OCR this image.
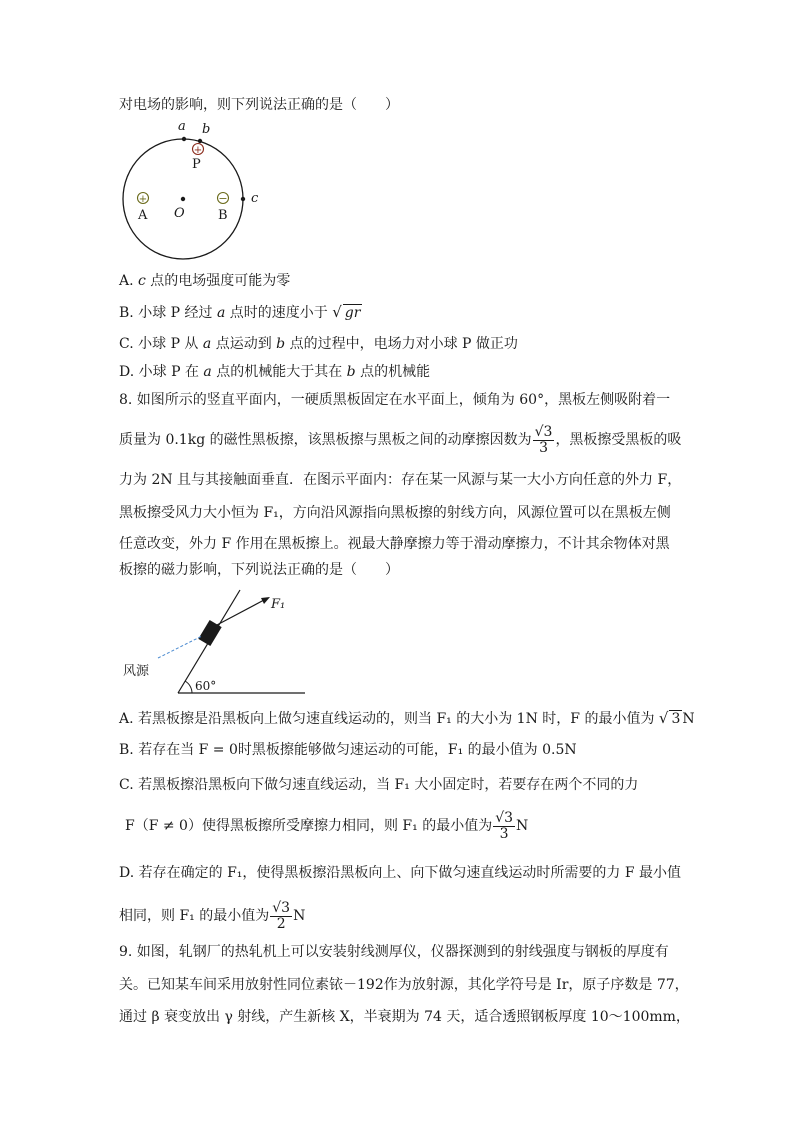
对电场的影响，则下列说法正确的是（　　）
a b
c
+
P
+
A O
−
B
A. c 点的电场强度可能为零
B. 小球 P 经过 a 点时的速度小于 √ gr
C. 小球 P 从 a 点运动到 b 点的过程中，电场力对小球 P 做正功
D. 小球 P 在 a 点的机械能大于其在 b 点的机械能
8. 如图所示的竖直平面内，一硬质黑板固定在水平面上，倾角为 60°，黑板左侧吸附着一
质量为 0.1kg 的磁性黑板擦，该黑板擦与黑板之间的动摩擦因数为 $\frac{√3}{3}$ ，黑板擦受黑板的吸
力为 2N 且与其接触面垂直．在图示平面内：存在某一风源与某一大小方向任意的外力 F，
黑板擦受风力大小恒为 F₁，方向沿风源指向黑板擦的射线方向，风源位置可以在黑板左侧
任意改变，外力 F 作用在黑板擦上。视最大静摩擦力等于滑动摩擦力，不计其余物体对黑
板擦的磁力影响，下列说法正确的是（　　）
60°
F₁
风源
A. 若黑板擦是沿黑板向上做匀速直线运动的，则当 F₁ 的大小为 1N 时，F 的最小值为 √ 3 N
B. 若存在当 F = 0时黑板擦能够做匀速运动的可能，F₁ 的最小值为 0.5N
C. 若黑板擦沿黑板向下做匀速直线运动，当 F₁ 大小固定时，若要存在两个不同的力
F（F ≠ 0）使得黑板擦所受摩擦力相同，则 F₁ 的最小值为 $\frac{√3}{3}$ N
D. 若存在确定的 F₁，使得黑板擦沿黑板向上、向下做匀速直线运动时所需要的力 F 最小值
相同，则 F₁ 的最小值为 $\frac{√3}{2}$ N
9. 如图，轧钢厂的热轧机上可以安装射线测厚仪，仪器探测到的射线强度与钢板的厚度有
关。已知某车间采用放射性同位素铱－192作为放射源，其化学符号是 Ir，原子序数是 77，
通过 β 衰变放出 γ 射线，产生新核 X，半衰期为 74 天，适合透照钢板厚度 10～100mm，
